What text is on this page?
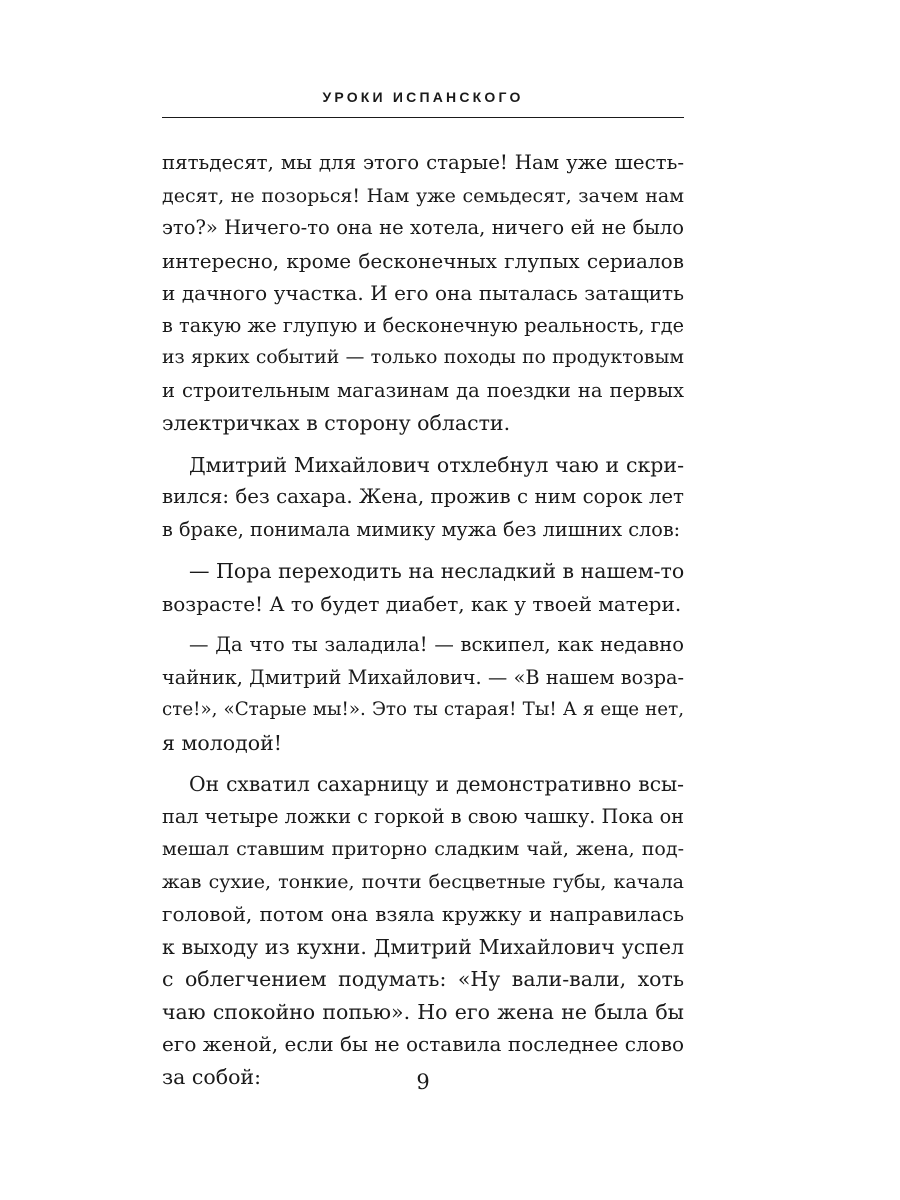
УРОКИ ИСПАНСКОГО
пятьдесят, мы для этого старые! Нам уже шесть-
десят, не позорься! Нам уже семьдесят, зачем нам
это?» Ничего-то она не хотела, ничего ей не было
интересно, кроме бесконечных глупых сериалов
и дачного участка. И его она пыталась затащить
в такую же глупую и бесконечную реальность, где
из ярких событий — только походы по продуктовым
и строительным магазинам да поездки на первых
электричках в сторону области.
Дмитрий Михайлович отхлебнул чаю и скри-
вился: без сахара. Жена, прожив с ним сорок лет
в браке, понимала мимику мужа без лишних слов:
— Пора переходить на несладкий в нашем-то
возрасте! А то будет диабет, как у твоей матери.
— Да что ты заладила! — вскипел, как недавно
чайник, Дмитрий Михайлович. — «В нашем возра-
сте!», «Старые мы!». Это ты старая! Ты! А я еще нет,
я молодой!
Он схватил сахарницу и демонстративно всы-
пал четыре ложки с горкой в свою чашку. Пока он
мешал ставшим приторно сладким чай, жена, под-
жав сухие, тонкие, почти бесцветные губы, качала
головой, потом она взяла кружку и направилась
к выходу из кухни. Дмитрий Михайлович успел
с облегчением подумать: «Ну вали-вали, хоть
чаю спокойно попью». Но его жена не была бы
его женой, если бы не оставила последнее слово
за собой:	9
